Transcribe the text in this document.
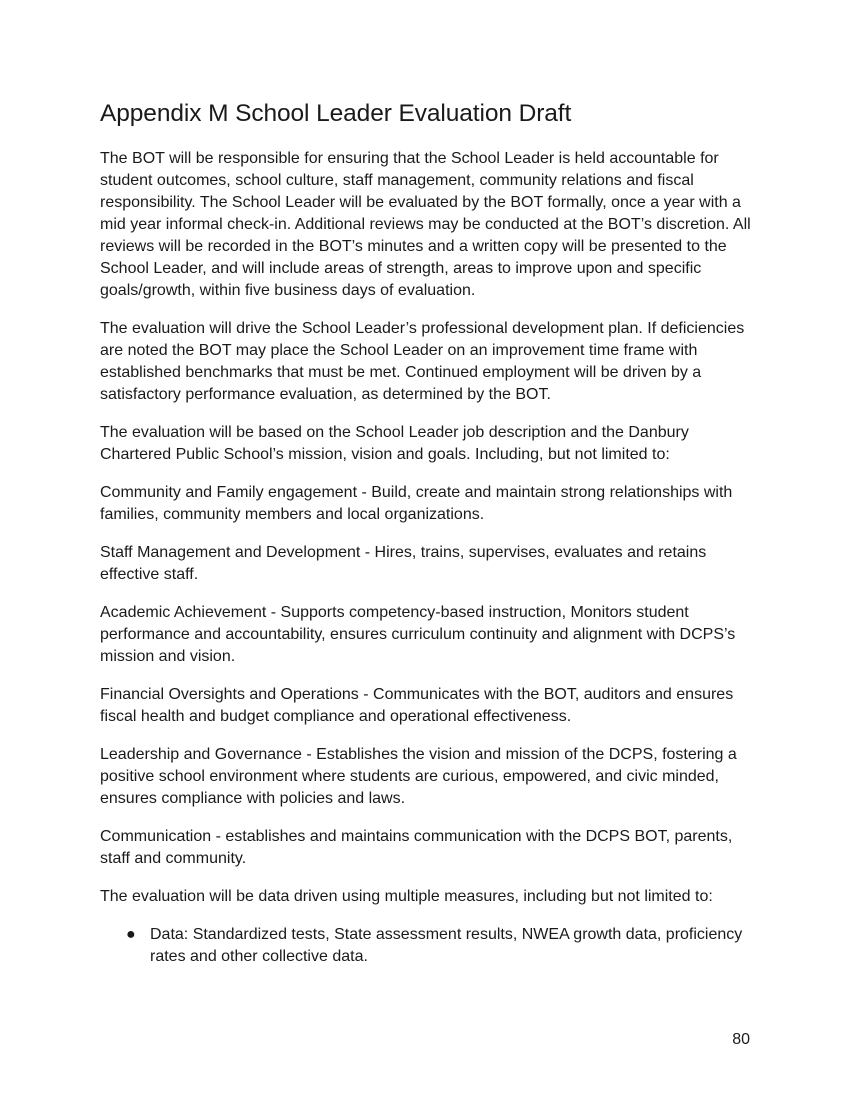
Appendix M School Leader Evaluation Draft

The BOT will be responsible for ensuring that the School Leader is held accountable for student outcomes, school culture, staff management, community relations and fiscal responsibility. The School Leader will be evaluated by the BOT formally, once a year with a mid year informal check-in. Additional reviews may be conducted at the BOT’s discretion. All reviews will be recorded in the BOT’s minutes and a written copy will be presented to the School Leader, and will include areas of strength, areas to improve upon and specific goals/growth, within five business days of evaluation.

The evaluation will drive the School Leader’s professional development plan. If deficiencies are noted the BOT may place the School Leader on an improvement time frame with established benchmarks that must be met. Continued employment will be driven by a satisfactory performance evaluation, as determined by the BOT.

The evaluation will be based on the School Leader job description and the Danbury Chartered Public School’s mission, vision and goals. Including, but not limited to:

Community and Family engagement - Build, create and maintain strong relationships with families, community members and local organizations.

Staff Management and Development - Hires, trains, supervises, evaluates and retains effective staff.

Academic Achievement - Supports competency-based instruction, Monitors student performance and accountability, ensures curriculum continuity and alignment with DCPS’s mission and vision.

Financial Oversights and Operations - Communicates with the BOT, auditors and ensures fiscal health and budget compliance and operational effectiveness.

Leadership and Governance - Establishes the vision and mission of the DCPS, fostering a positive school environment where students are curious, empowered, and civic minded, ensures compliance with policies and laws.

Communication - establishes and maintains communication with the DCPS BOT, parents, staff and community.

The evaluation will be data driven using multiple measures, including but not limited to:

● Data: Standardized tests, State assessment results, NWEA growth data, proficiency rates and other collective data.
80
